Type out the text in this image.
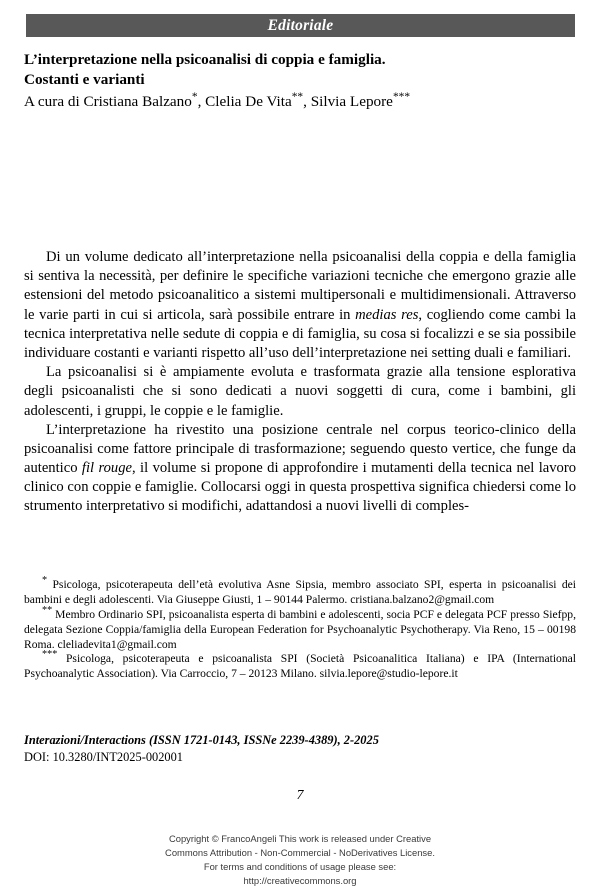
Editoriale
L’interpretazione nella psicoanalisi di coppia e famiglia.
Costanti e varianti
A cura di Cristiana Balzano*, Clelia De Vita**, Silvia Lepore***

Di un volume dedicato all’interpretazione nella psicoanalisi della coppia e della famiglia si sentiva la necessità, per definire le specifiche variazioni tecniche che emergono grazie alle estensioni del metodo psicoanalitico a sistemi multipersonali e multidimensionali. Attraverso le varie parti in cui si articola, sarà possibile entrare in medias res, cogliendo come cambi la tecnica interpretativa nelle sedute di coppia e di famiglia, su cosa si focalizzi e se sia possibile individuare costanti e varianti rispetto all’uso dell’interpretazione nei setting duali e familiari.

La psicoanalisi si è ampiamente evoluta e trasformata grazie alla tensione esplorativa degli psicoanalisti che si sono dedicati a nuovi soggetti di cura, come i bambini, gli adolescenti, i gruppi, le coppie e le famiglie.

L’interpretazione ha rivestito una posizione centrale nel corpus teorico-clinico della psicoanalisi come fattore principale di trasformazione; seguendo questo vertice, che funge da autentico fil rouge, il volume si propone di approfondire i mutamenti della tecnica nel lavoro clinico con coppie e famiglie. Collocarsi oggi in questa prospettiva significa chiedersi come lo strumento interpretativo si modifichi, adattandosi a nuovi livelli di comples-

* Psicologa, psicoterapeuta dell’età evolutiva Asne Sipsia, membro associato SPI, esperta in psicoanalisi dei bambini e degli adolescenti. Via Giuseppe Giusti, 1 – 90144 Palermo. cristiana.balzano2@gmail.com

** Membro Ordinario SPI, psicoanalista esperta di bambini e adolescenti, socia PCF e delegata PCF presso Siefpp, delegata Sezione Coppia/famiglia della European Federation for Psychoanalytic Psychotherapy. Via Reno, 15 – 00198 Roma. cleliadevita1@gmail.com

*** Psicologa, psicoterapeuta e psicoanalista SPI (Società Psicoanalitica Italiana) e IPA (International Psychoanalytic Association). Via Carroccio, 7 – 20123 Milano. silvia.lepore@studio-lepore.it

Interazioni/Interactions (ISSN 1721-0143, ISSNe 2239-4389), 2-2025

DOI: 10.3280/INT2025-002001

7
Copyright © FrancoAngeli This work is released under Creative
Commons Attribution - Non-Commercial - NoDerivatives License.
For terms and conditions of usage please see:
http://creativecommons.org
